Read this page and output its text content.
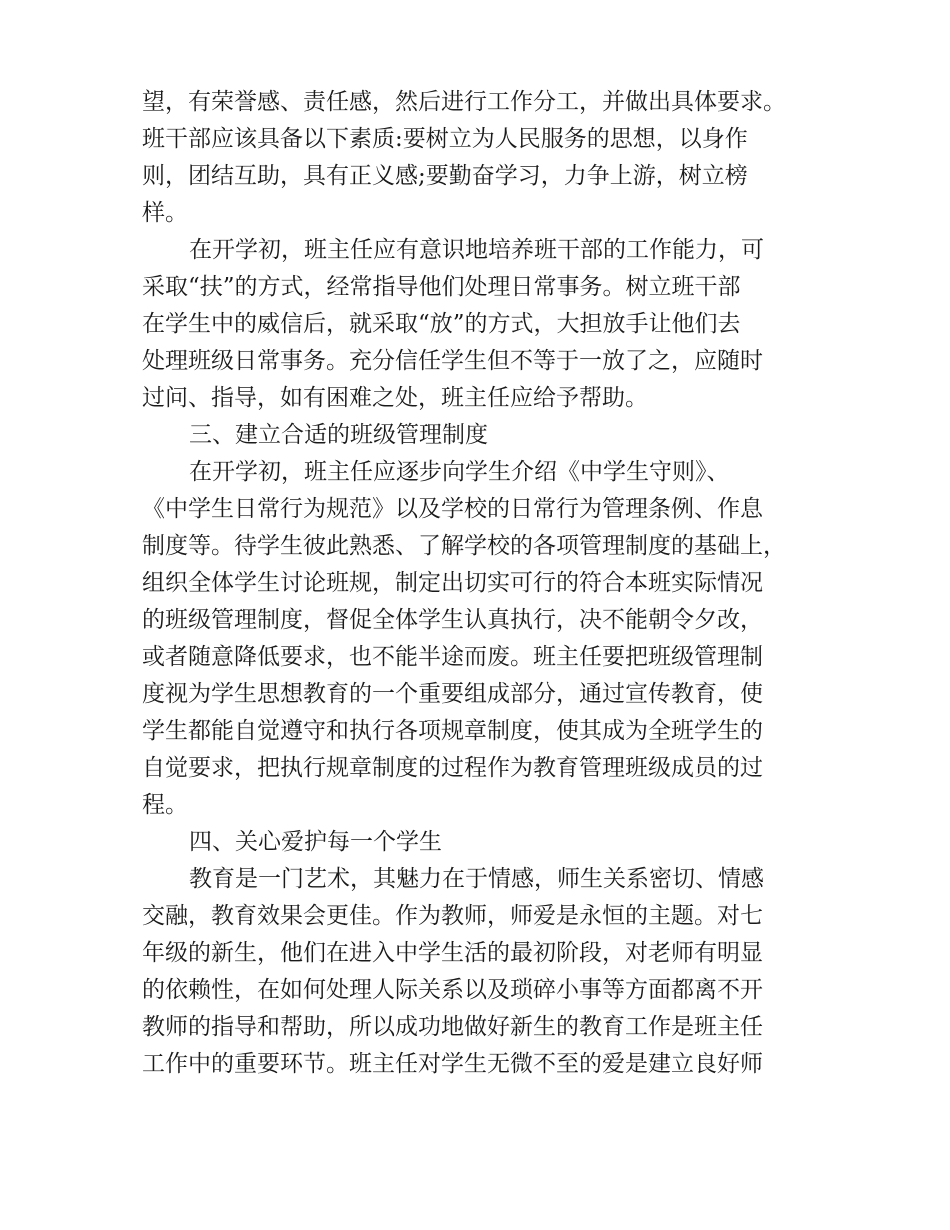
望，有荣誉感、责任感，然后进行工作分工，并做出具体要求。
班干部应该具备以下素质:要树立为人民服务的思想，以身作
则，团结互助，具有正义感;要勤奋学习，力争上游，树立榜
样。
在开学初，班主任应有意识地培养班干部的工作能力，可
采取“扶”的方式，经常指导他们处理日常事务。树立班干部
在学生中的威信后，就采取“放”的方式，大担放手让他们去
处理班级日常事务。充分信任学生但不等于一放了之，应随时
过问、指导，如有困难之处，班主任应给予帮助。
三、建立合适的班级管理制度
在开学初，班主任应逐步向学生介绍《中学生守则》、
《中学生日常行为规范》以及学校的日常行为管理条例、作息
制度等。待学生彼此熟悉、了解学校的各项管理制度的基础上，
组织全体学生讨论班规，制定出切实可行的符合本班实际情况
的班级管理制度，督促全体学生认真执行，决不能朝令夕改，
或者随意降低要求，也不能半途而废。班主任要把班级管理制
度视为学生思想教育的一个重要组成部分，通过宣传教育，使
学生都能自觉遵守和执行各项规章制度，使其成为全班学生的
自觉要求，把执行规章制度的过程作为教育管理班级成员的过
程。
四、关心爱护每一个学生
教育是一门艺术，其魅力在于情感，师生关系密切、情感
交融，教育效果会更佳。作为教师，师爱是永恒的主题。对七
年级的新生，他们在进入中学生活的最初阶段，对老师有明显
的依赖性，在如何处理人际关系以及琐碎小事等方面都离不开
教师的指导和帮助，所以成功地做好新生的教育工作是班主任
工作中的重要环节。班主任对学生无微不至的爱是建立良好师
